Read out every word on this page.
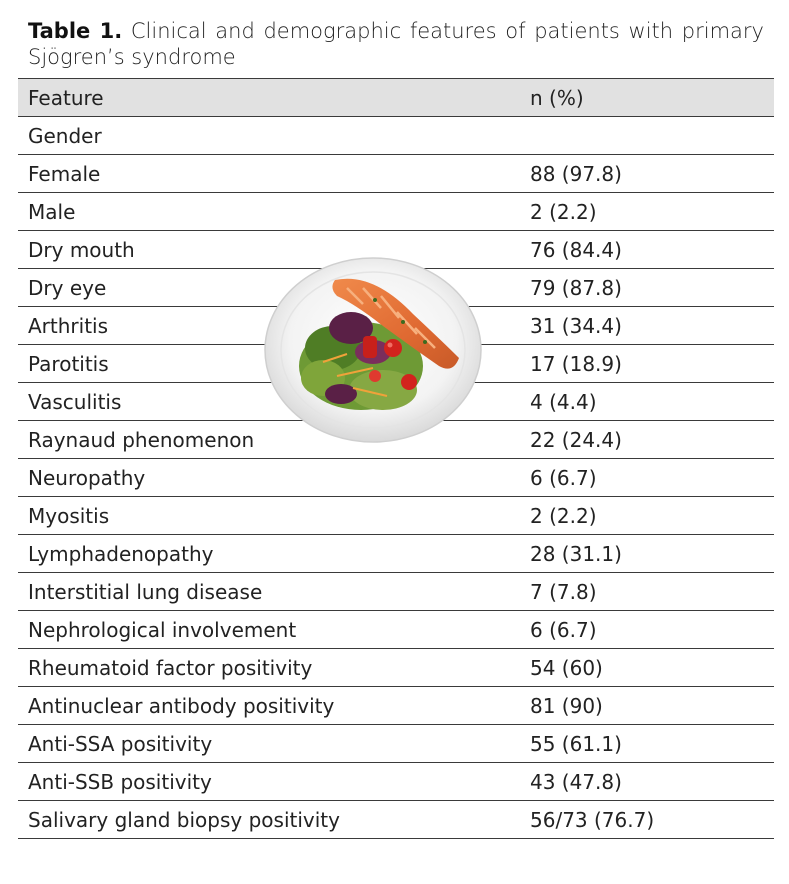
Table 1. Clinical and demographic features of patients with primary Sjögren’s syndrome
Feature	n (%)
Gender	
Female	88 (97.8)
Male	2 (2.2)
Dry mouth	76 (84.4)
Dry eye	79 (87.8)
Arthritis	31 (34.4)
Parotitis	17 (18.9)
Vasculitis	4 (4.4)
Raynaud phenomenon	22 (24.4)
Neuropathy	6 (6.7)
Myositis	2 (2.2)
Lymphadenopathy	28 (31.1)
Interstitial lung disease	7 (7.8)
Nephrological involvement	6 (6.7)
Rheumatoid factor positivity	54 (60)
Antinuclear antibody positivity	81 (90)
Anti-SSA positivity	55 (61.1)
Anti-SSB positivity	43 (47.8)
Salivary gland biopsy positivity	56/73 (76.7)
